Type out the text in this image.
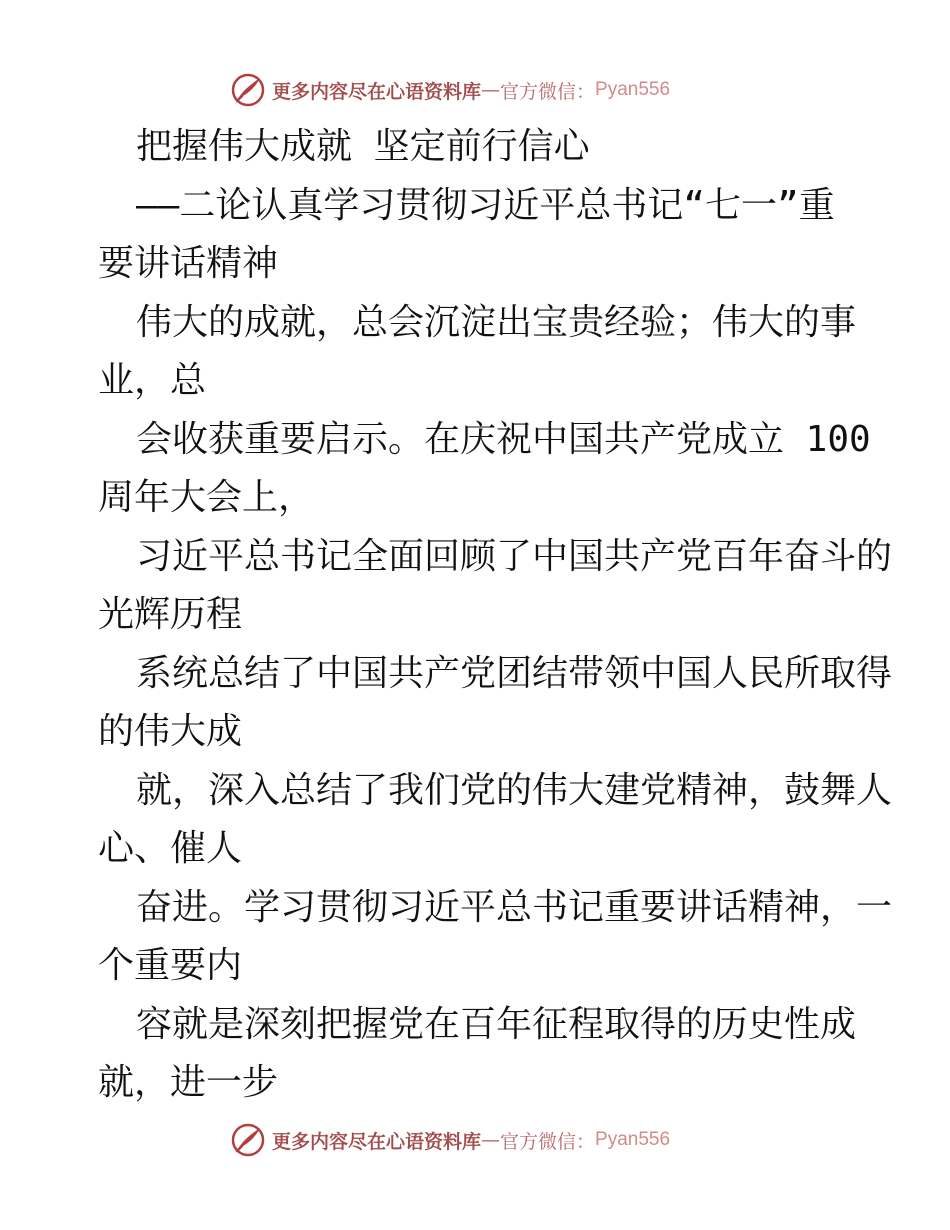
更多内容尽在心语资料库 — 官方微信： Pyan556
把握伟大成就 坚定前行信心
——二论认真学习贯彻习近平总书记“七一”重
要讲话精神
伟大的成就，总会沉淀出宝贵经验；伟大的事
业，总
会收获重要启示。在庆祝中国共产党成立 100
周年大会上，
习近平总书记全面回顾了中国共产党百年奋斗的
光辉历程
系统总结了中国共产党团结带领中国人民所取得
的伟大成
就，深入总结了我们党的伟大建党精神，鼓舞人
心、催人
奋进。学习贯彻习近平总书记重要讲话精神，一
个重要内
容就是深刻把握党在百年征程取得的历史性成
就，进一步
更多内容尽在心语资料库 — 官方微信： Pyan556
